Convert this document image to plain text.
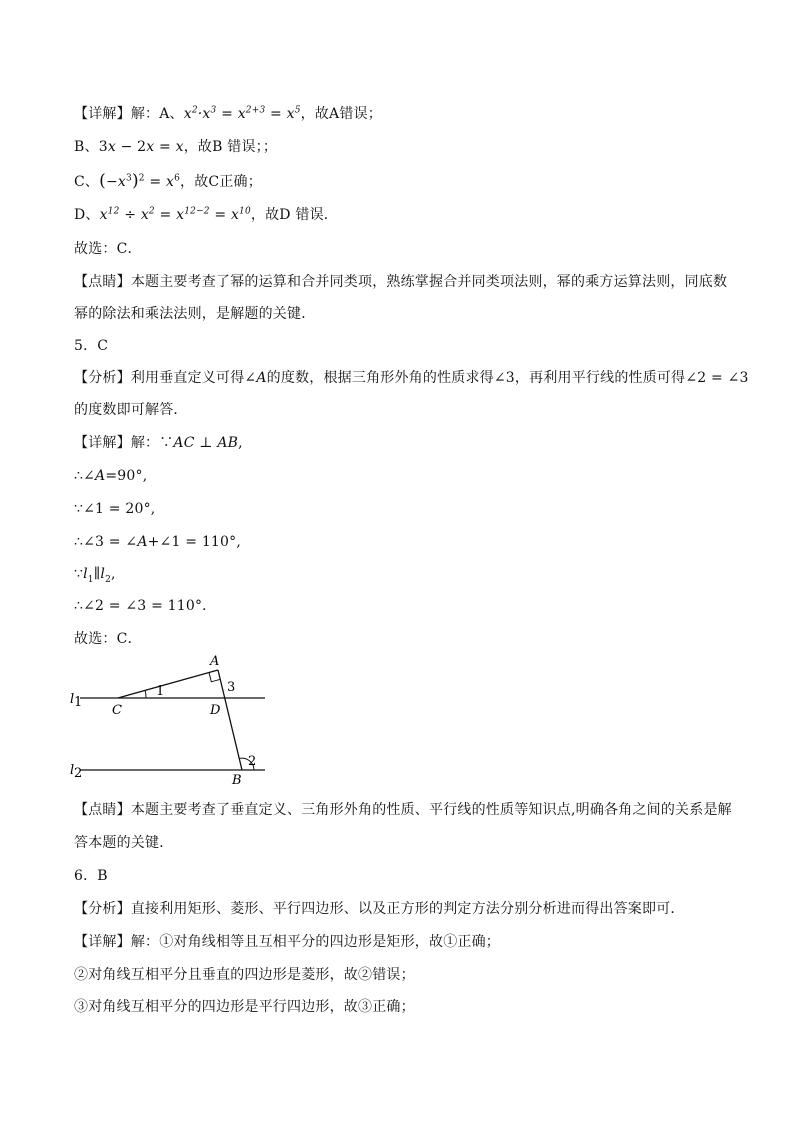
【详解】解：A、$x^2\cdot x^3 = x^{2+3} = x^5$，故A错误；
B、3x − 2x = x，故B 错误；；
C、$(-x^3)^2 = x^6$，故C正确；
D、$x^{12} \div x^2 = x^{12-2} = x^{10}$，故D 错误．
故选：C．
【点睛】本题主要考查了幂的运算和合并同类项，熟练掌握合并同类项法则，幂的乘方运算法则，同底数
幂的除法和乘法法则，是解题的关键．
5．C
【分析】利用垂直定义可得∠A的度数，根据三角形外角的性质求得∠3，再利用平行线的性质可得∠2 = ∠3
的度数即可解答．
【详解】解：∵AC ⊥ AB,
∴∠A=90°,
∵∠1 = 20°,
∴∠3 = ∠A+∠1 = 110°,
$\because l_1\parallel l_2$,
∴∠2 = ∠3 = 110°．
故选：C．
A
C	D
B
l 1
l 2
1
2
3
【点睛】本题主要考查了垂直定义、三角形外角的性质、平行线的性质等知识点,明确各角之间的关系是解
答本题的关键．
6．B
【分析】直接利用矩形、菱形、平行四边形、以及正方形的判定方法分别分析进而得出答案即可．
【详解】解：①对角线相等且互相平分的四边形是矩形，故①正确；
②对角线互相平分且垂直的四边形是菱形，故②错误；
③对角线互相平分的四边形是平行四边形，故③正确；
